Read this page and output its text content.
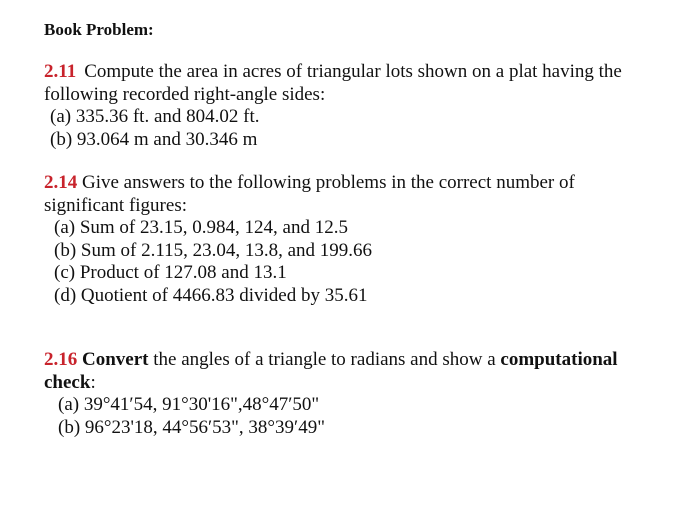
Book Problem:
2.11 Compute the area in acres of triangular lots shown on a plat having the
following recorded right-angle sides:
(a) 335.36 ft. and 804.02 ft.
(b) 93.064 m and 30.346 m
2.14 Give answers to the following problems in the correct number of
significant figures:
(a) Sum of 23.15, 0.984, 124, and 12.5
(b) Sum of 2.115, 23.04, 13.8, and 199.66
(c) Product of 127.08 and 13.1
(d) Quotient of 4466.83 divided by 35.61
2.16 Convert the angles of a triangle to radians and show a computational
check:
(a) 39°41′54, 91°30'16",48°47′50"
(b) 96°23'18, 44°56′53", 38°39′49"
